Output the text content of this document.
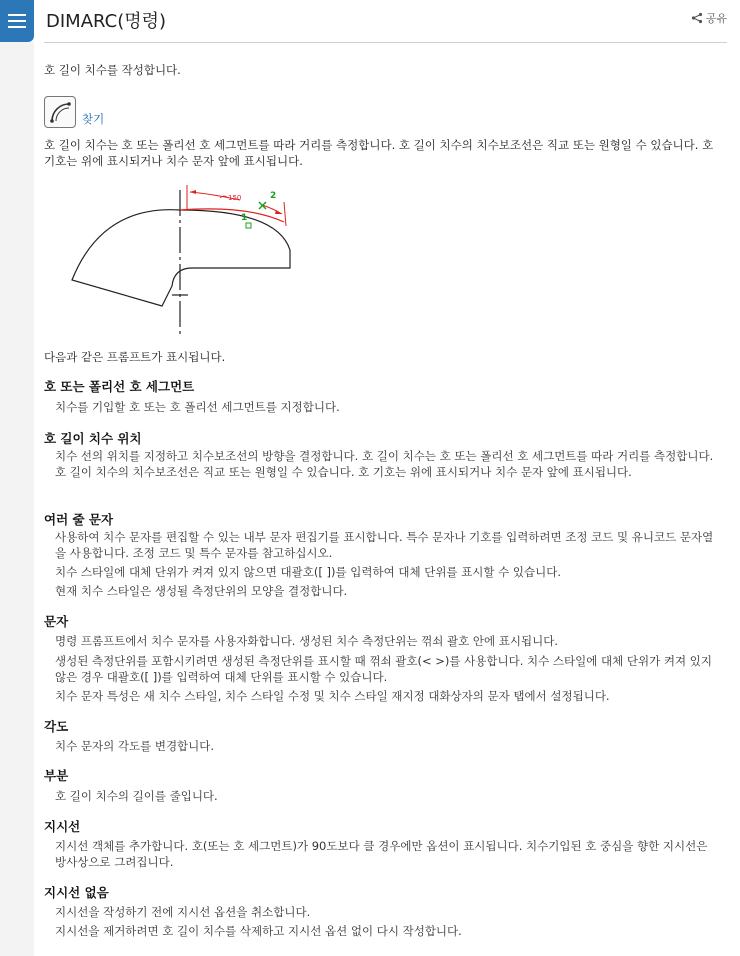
DIMARC(명령)	공유
호 길이 치수를 작성합니다.
찾기
호 길이 치수는 호 또는 폴리선 호 세그먼트를 따라 거리를 측정합니다. 호 길이 치수의 치수보조선은 직교 또는 원형일 수 있습니다. 호 기호는 위에 표시되거나 치수 문자 앞에 표시됩니다.
150
1
2
다음과 같은 프롬프트가 표시됩니다.
호 또는 폴리선 호 세그먼트
치수를 기입할 호 또는 호 폴리선 세그먼트를 지정합니다.
호 길이 치수 위치
치수 선의 위치를 지정하고 치수보조선의 방향을 결정합니다. 호 길이 치수는 호 또는 폴리선 호 세그먼트를 따라 거리를 측정합니다. 호 길이 치수의 치수보조선은 직교 또는 원형일 수 있습니다. 호 기호는 위에 표시되거나 치수 문자 앞에 표시됩니다.
여러 줄 문자
사용하여 치수 문자를 편집할 수 있는 내부 문자 편집기를 표시합니다. 특수 문자나 기호를 입력하려면 조정 코드 및 유니코드 문자열을 사용합니다. 조정 코드 및 특수 문자를 참고하십시오.
치수 스타일에 대체 단위가 켜져 있지 않으면 대괄호([ ])를 입력하여 대체 단위를 표시할 수 있습니다.
현재 치수 스타일은 생성될 측정단위의 모양을 결정합니다.
문자
명령 프롬프트에서 치수 문자를 사용자화합니다. 생성된 치수 측정단위는 꺾쇠 괄호 안에 표시됩니다.
생성된 측정단위를 포함시키려면 생성된 측정단위를 표시할 때 꺾쇠 괄호(< >)를 사용합니다. 치수 스타일에 대체 단위가 켜져 있지 않은 경우 대괄호([ ])를 입력하여 대체 단위를 표시할 수 있습니다.
치수 문자 특성은 새 치수 스타일, 치수 스타일 수정 및 치수 스타일 재지정 대화상자의 문자 탭에서 설정됩니다.
각도
치수 문자의 각도를 변경합니다.
부분
호 길이 치수의 길이를 줄입니다.
지시선
지시선 객체를 추가합니다. 호(또는 호 세그먼트)가 90도보다 클 경우에만 옵션이 표시됩니다. 치수기입된 호 중심을 향한 지시선은 방사상으로 그려집니다.
지시선 없음
지시선을 작성하기 전에 지시선 옵션을 취소합니다.
지시선을 제거하려면 호 길이 치수를 삭제하고 지시선 옵션 없이 다시 작성합니다.
